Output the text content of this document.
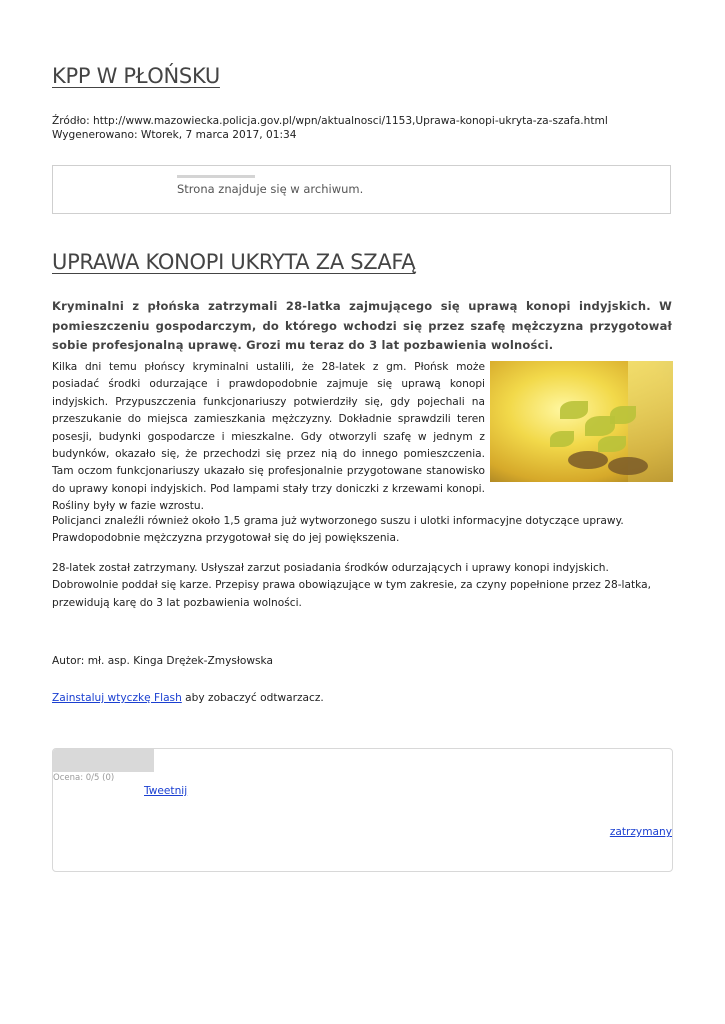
KPP W PŁOŃSKU
Źródło: http://www.mazowiecka.policja.gov.pl/wpn/aktualnosci/1153,Uprawa-konopi-ukryta-za-szafa.html
Wygenerowano: Wtorek, 7 marca 2017, 01:34
Strona znajduje się w archiwum.
UPRAWA KONOPI UKRYTA ZA SZAFĄ

Kryminalni z płońska zatrzymali 28-latka zajmującego się uprawą konopi indyjskich. W pomieszczeniu gospodarczym, do którego wchodzi się przez szafę mężczyzna przygotował sobie profesjonalną uprawę. Grozi mu teraz do 3 lat pozbawienia wolności.

Kilka dni temu płońscy kryminalni ustalili, że 28-latek z gm. Płońsk może posiadać środki odurzające i prawdopodobnie zajmuje się uprawą konopi indyjskich. Przypuszczenia funkcjonariuszy potwierdziły się, gdy pojechali na przeszukanie do miejsca zamieszkania mężczyzny. Dokładnie sprawdzili teren posesji, budynki gospodarcze i mieszkalne. Gdy otworzyli szafę w jednym z budynków, okazało się, że przechodzi się przez nią do innego pomieszczenia. Tam oczom funkcjonariuszy ukazało się profesjonalnie przygotowane stanowisko do uprawy konopi indyjskich. Pod lampami stały trzy doniczki z krzewami konopi. Rośliny były w fazie wzrostu.

Policjanci znaleźli również około 1,5 grama już wytworzonego suszu i ulotki informacyjne dotyczące uprawy. Prawdopodobnie mężczyzna przygotował się do jej powiększenia.

28-latek został zatrzymany. Usłyszał zarzut posiadania środków odurzających i uprawy konopi indyjskich. Dobrowolnie poddał się karze. Przepisy prawa obowiązujące w tym zakresie, za czyny popełnione przez 28-latka, przewidują karę do 3 lat pozbawienia wolności.

Autor: mł. asp. Kinga Drężek-Zmysłowska
Zainstaluj wtyczkę Flash aby zobaczyć odtwarzacz.
Ocena: 0/5 (0)
Tweetnij
zatrzymany
